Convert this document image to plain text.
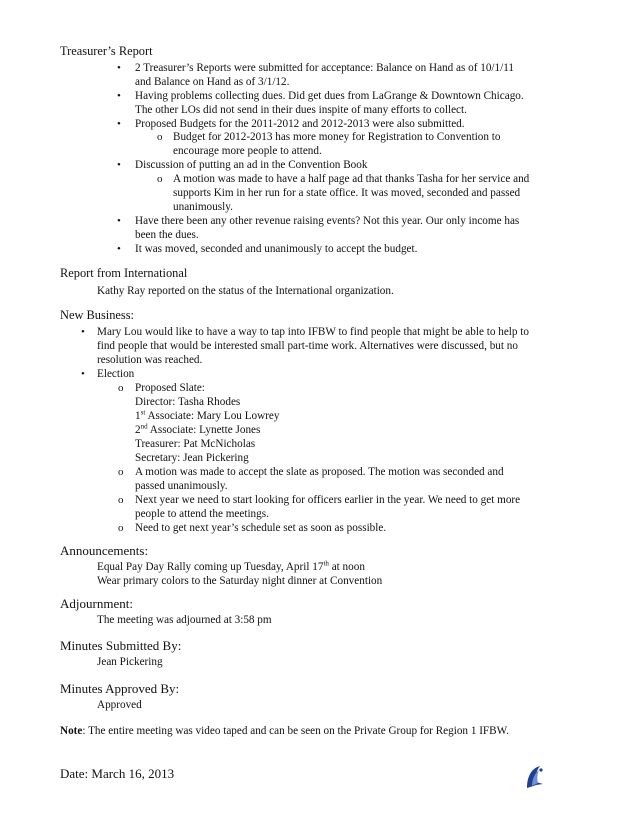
Treasurer’s Report
• 2 Treasurer’s Reports were submitted for acceptance: Balance on Hand as of 10/1/11
and Balance on Hand as of 3/1/12.
• Having problems collecting dues. Did get dues from LaGrange & Downtown Chicago.
The other LOs did not send in their dues inspite of many efforts to collect.
• Proposed Budgets for the 2011-2012 and 2012-2013 were also submitted.
o Budget for 2012-2013 has more money for Registration to Convention to
encourage more people to attend.
• Discussion of putting an ad in the Convention Book
o A motion was made to have a half page ad that thanks Tasha for her service and
supports Kim in her run for a state office. It was moved, seconded and passed
unanimously.
• Have there been any other revenue raising events? Not this year. Our only income has
been the dues.
• It was moved, seconded and unanimously to accept the budget.
Report from International
Kathy Ray reported on the status of the International organization.
New Business:
• Mary Lou would like to have a way to tap into IFBW to find people that might be able to help to
find people that would be interested small part-time work. Alternatives were discussed, but no
resolution was reached.
• Election
o Proposed Slate:
Director: Tasha Rhodes
1st Associate: Mary Lou Lowrey
2nd Associate: Lynette Jones
Treasurer: Pat McNicholas
Secretary: Jean Pickering
o A motion was made to accept the slate as proposed. The motion was seconded and
passed unanimously.
o Next year we need to start looking for officers earlier in the year. We need to get more
people to attend the meetings.
o Need to get next year’s schedule set as soon as possible.
Announcements:
Equal Pay Day Rally coming up Tuesday, April 17th at noon
Wear primary colors to the Saturday night dinner at Convention
Adjournment:
The meeting was adjourned at 3:58 pm
Minutes Submitted By:
Jean Pickering
Minutes Approved By:
Approved
Note: The entire meeting was video taped and can be seen on the Private Group for Region 1 IFBW.
Date: March 16, 2013
